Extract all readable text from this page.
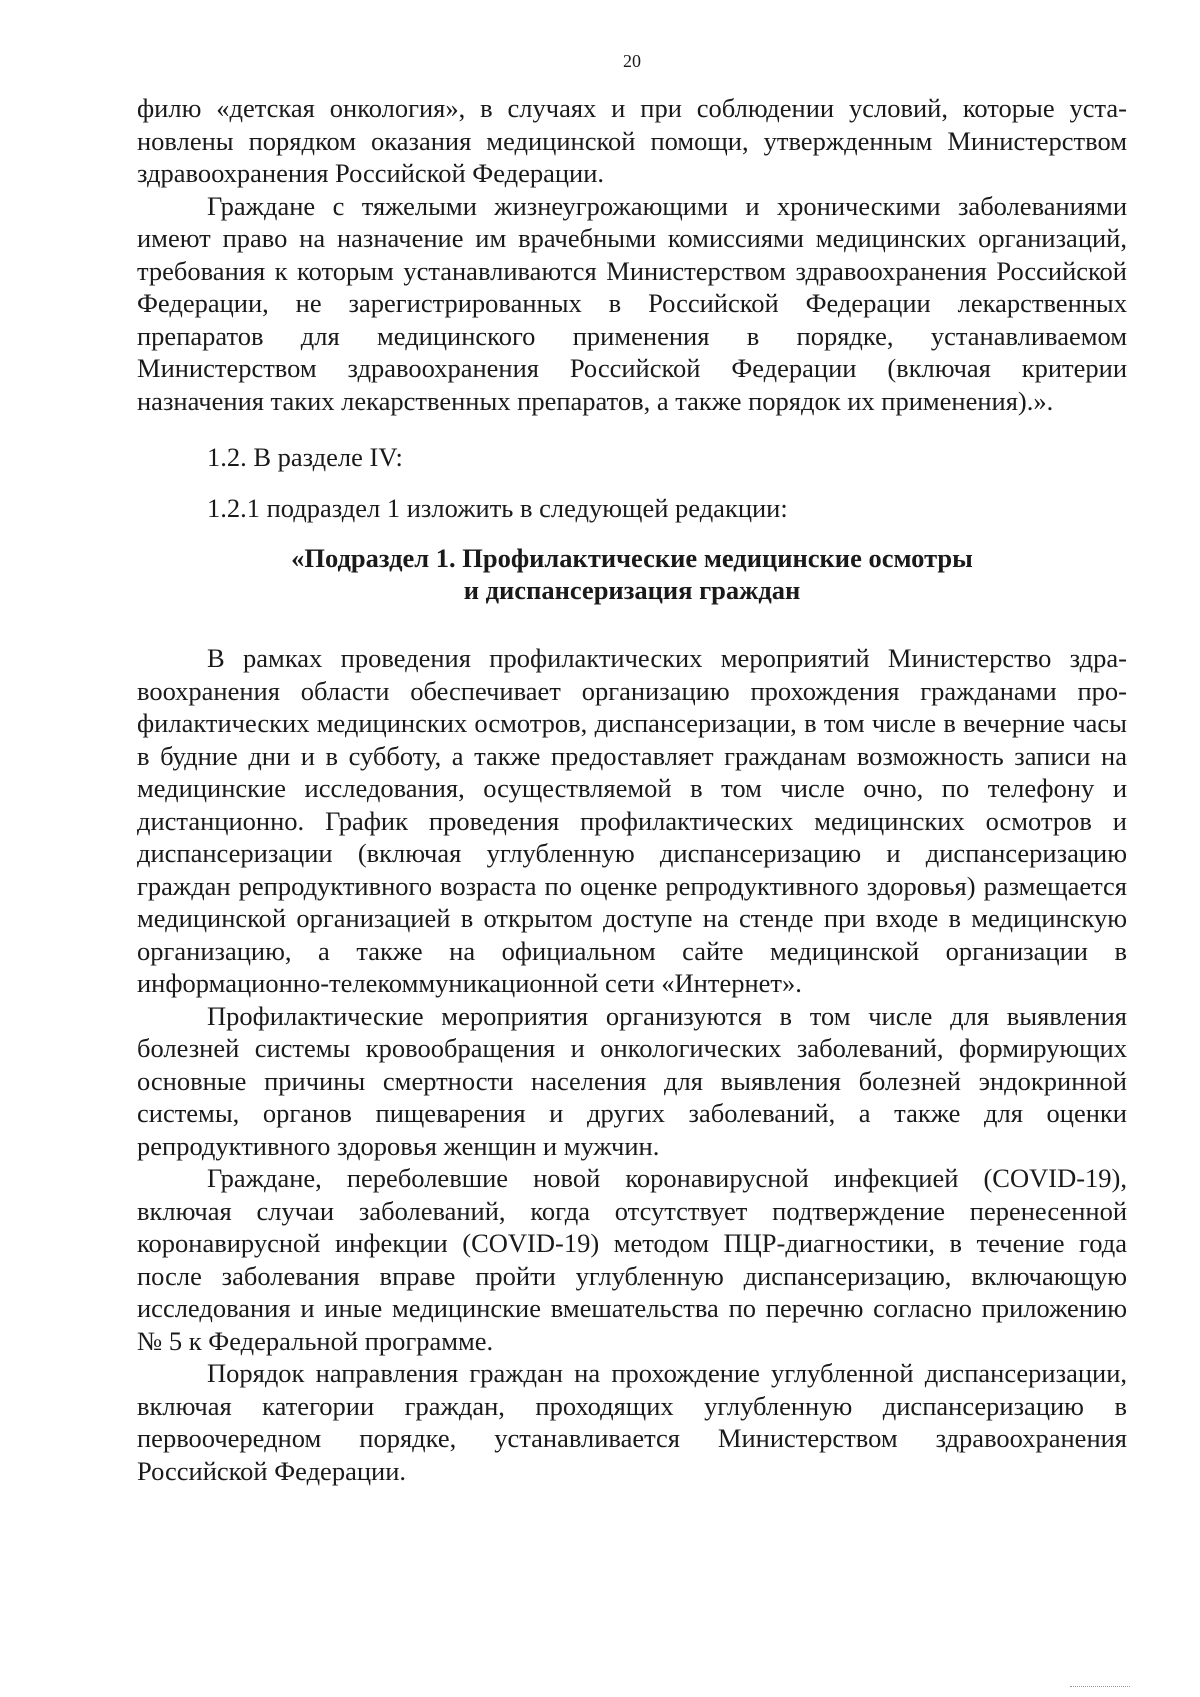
20

филю «детская онкология», в случаях и при соблюдении условий, которые установлены порядком оказания медицинской помощи, утвержденным Министерством здравоохранения Российской Федерации.

Граждане с тяжелыми жизнеугрожающими и хроническими заболеваниями имеют право на назначение им врачебными комиссиями медицинских организаций, требования к которым устанавливаются Министерством здравоохранения Российской Федерации, не зарегистрированных в Российской Федерации лекарственных препаратов для медицинского применения в порядке, устанавливаемом Министерством здравоохранения Российской Федерации (включая критерии назначения таких лекарственных препаратов, а также порядок их применения).».

1.2. В разделе IV:

1.2.1 подраздел 1 изложить в следующей редакции:

«Подраздел 1. Профилактические медицинские осмотры
и диспансеризация граждан

В рамках проведения профилактических мероприятий Министерство здравоохранения области обеспечивает организацию прохождения гражданами профилактических медицинских осмотров, диспансеризации, в том числе в вечерние часы в будние дни и в субботу, а также предоставляет гражданам возможность записи на медицинские исследования, осуществляемой в том числе очно, по телефону и дистанционно. График проведения профилактических медицинских осмотров и диспансеризации (включая углубленную диспансеризацию и диспансеризацию граждан репродуктивного возраста по оценке репродуктивного здоровья) размещается медицинской организацией в открытом доступе на стенде при входе в медицинскую организацию, а также на официальном сайте медицинской организации в информационно-телекоммуникационной сети «Интернет».

Профилактические мероприятия организуются в том числе для выявления болезней системы кровообращения и онкологических заболеваний, формирующих основные причины смертности населения для выявления болезней эндокринной системы, органов пищеварения и других заболеваний, а также для оценки репродуктивного здоровья женщин и мужчин.

Граждане, переболевшие новой коронавирусной инфекцией (COVID-19), включая случаи заболеваний, когда отсутствует подтверждение перенесенной коронавирусной инфекции (COVID-19) методом ПЦР-диагностики, в течение года после заболевания вправе пройти углубленную диспансеризацию, включающую исследования и иные медицинские вмешательства по перечню согласно приложению № 5 к Федеральной программе.

Порядок направления граждан на прохождение углубленной диспансеризации, включая категории граждан, проходящих углубленную диспансеризацию в первоочередном порядке, устанавливается Министерством здравоохранения Российской Федерации.
